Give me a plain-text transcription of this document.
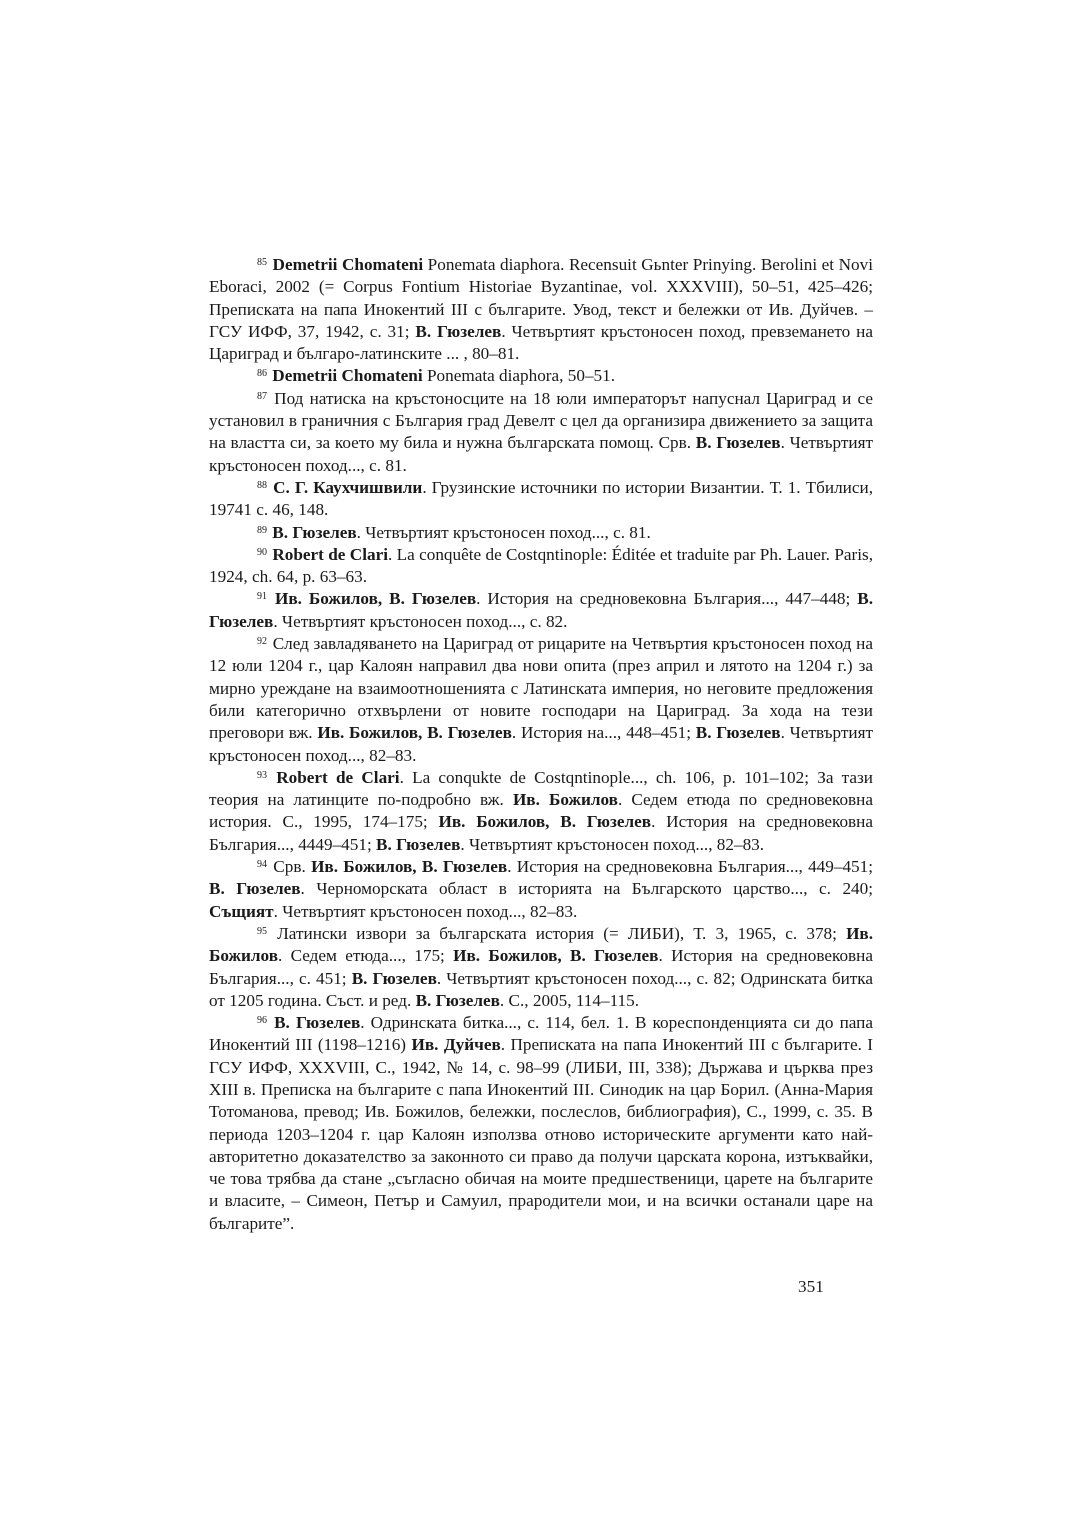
$^{85}$ Demetrii Chomateni Ponemata diaphora. Recensuit Gьnter Prinying. Berolini et Novi Eboraci, 2002 (= Corpus Fontium Historiae Byzantinae, vol. XXXVIII), 50–51, 425–426; Преписката на папа Инокентий III с българите. Увод, текст и бележки от Ив. Дуйчев. – ГСУ ИФФ, 37, 1942, с. 31; В. Гюзелев. Четвъртият кръстоносен поход, превземането на Цариград и българо-латинските ... , 80–81.

$^{86}$ Demetrii Chomateni Ponemata diaphora, 50–51.

$^{87}$ Под натиска на кръстоносците на 18 юли императорът напуснал Цариград и се установил в граничния с България град Девелт с цел да организира движението за защита на властта си, за което му била и нужна българската помощ. Срв. В. Гюзелев. Четвъртият кръстоносен поход..., с. 81.

$^{88}$ С. Г. Каухчишвили. Грузинские источники по истории Византии. Т. 1. Тбилиси, 19741 с. 46, 148.

$^{89}$ В. Гюзелев. Четвъртият кръстоносен поход..., с. 81.

$^{90}$ Robert de Clari. La conquête de Costqntinople: Éditée et traduite par Ph. Lauer. Paris, 1924, ch. 64, p. 63–63.

$^{91}$ Ив. Божилов, В. Гюзелев. История на средновековна България..., 447–448; В. Гюзелев. Четвъртият кръстоносен поход..., с. 82.

$^{92}$ След завладяването на Цариград от рицарите на Четвъртия кръстоносен поход на 12 юли 1204 г., цар Калоян направил два нови опита (през април и лятото на 1204 г.) за мирно уреждане на взаимоотношенията с Латинската империя, но неговите предложения били категорично отхвърлени от новите господари на Цариград. За хода на тези преговори вж. Ив. Божилов, В. Гюзелев. История на..., 448–451; В. Гюзелев. Четвъртият кръстоносен поход..., 82–83.

$^{93}$ Robert de Clari. La conqukte de Costqntinople..., ch. 106, p. 101–102; За тази теория на латинците по-подробно вж. Ив. Божилов. Седем етюда по средновековна история. С., 1995, 174–175; Ив. Божилов, В. Гюзелев. История на средновековна България..., 4449–451; В. Гюзелев. Четвъртият кръстоносен поход..., 82–83.

$^{94}$ Срв. Ив. Божилов, В. Гюзелев. История на средновековна България..., 449–451; В. Гюзелев. Черноморската област в историята на Българското царство..., с. 240; Същият. Четвъртият кръстоносен поход..., 82–83.

$^{95}$ Латински извори за българската история (= ЛИБИ), Т. 3, 1965, с. 378; Ив. Божилов. Седем етюда..., 175; Ив. Божилов, В. Гюзелев. История на средновековна България..., с. 451; В. Гюзелев. Четвъртият кръстоносен поход..., с. 82; Одринската битка от 1205 година. Съст. и ред. В. Гюзелев. С., 2005, 114–115.

$^{96}$ В. Гюзелев. Одринската битка..., с. 114, бел. 1. В кореспонденцията си до папа Инокентий III (1198–1216) Ив. Дуйчев. Преписката на папа Инокентий III с българите. I ГСУ ИФФ, XXXVIII, С., 1942, № 14, с. 98–99 (ЛИБИ, III, 338); Държава и църква през XIII в. Преписка на българите с папа Инокентий III. Синодик на цар Борил. (Анна-Мария Тотоманова, превод; Ив. Божилов, бележки, послеслов, библиография), С., 1999, с. 35. В периода 1203–1204 г. цар Калоян използва отново историческите аргументи като най-авторитетно доказателство за законното си право да получи царската корона, изтъквайки, че това трябва да стане „съгласно обичая на моите предшественици, царете на българите и власите, – Симеон, Петър и Самуил, прародители мои, и на всички останали царе на българите”.

351
